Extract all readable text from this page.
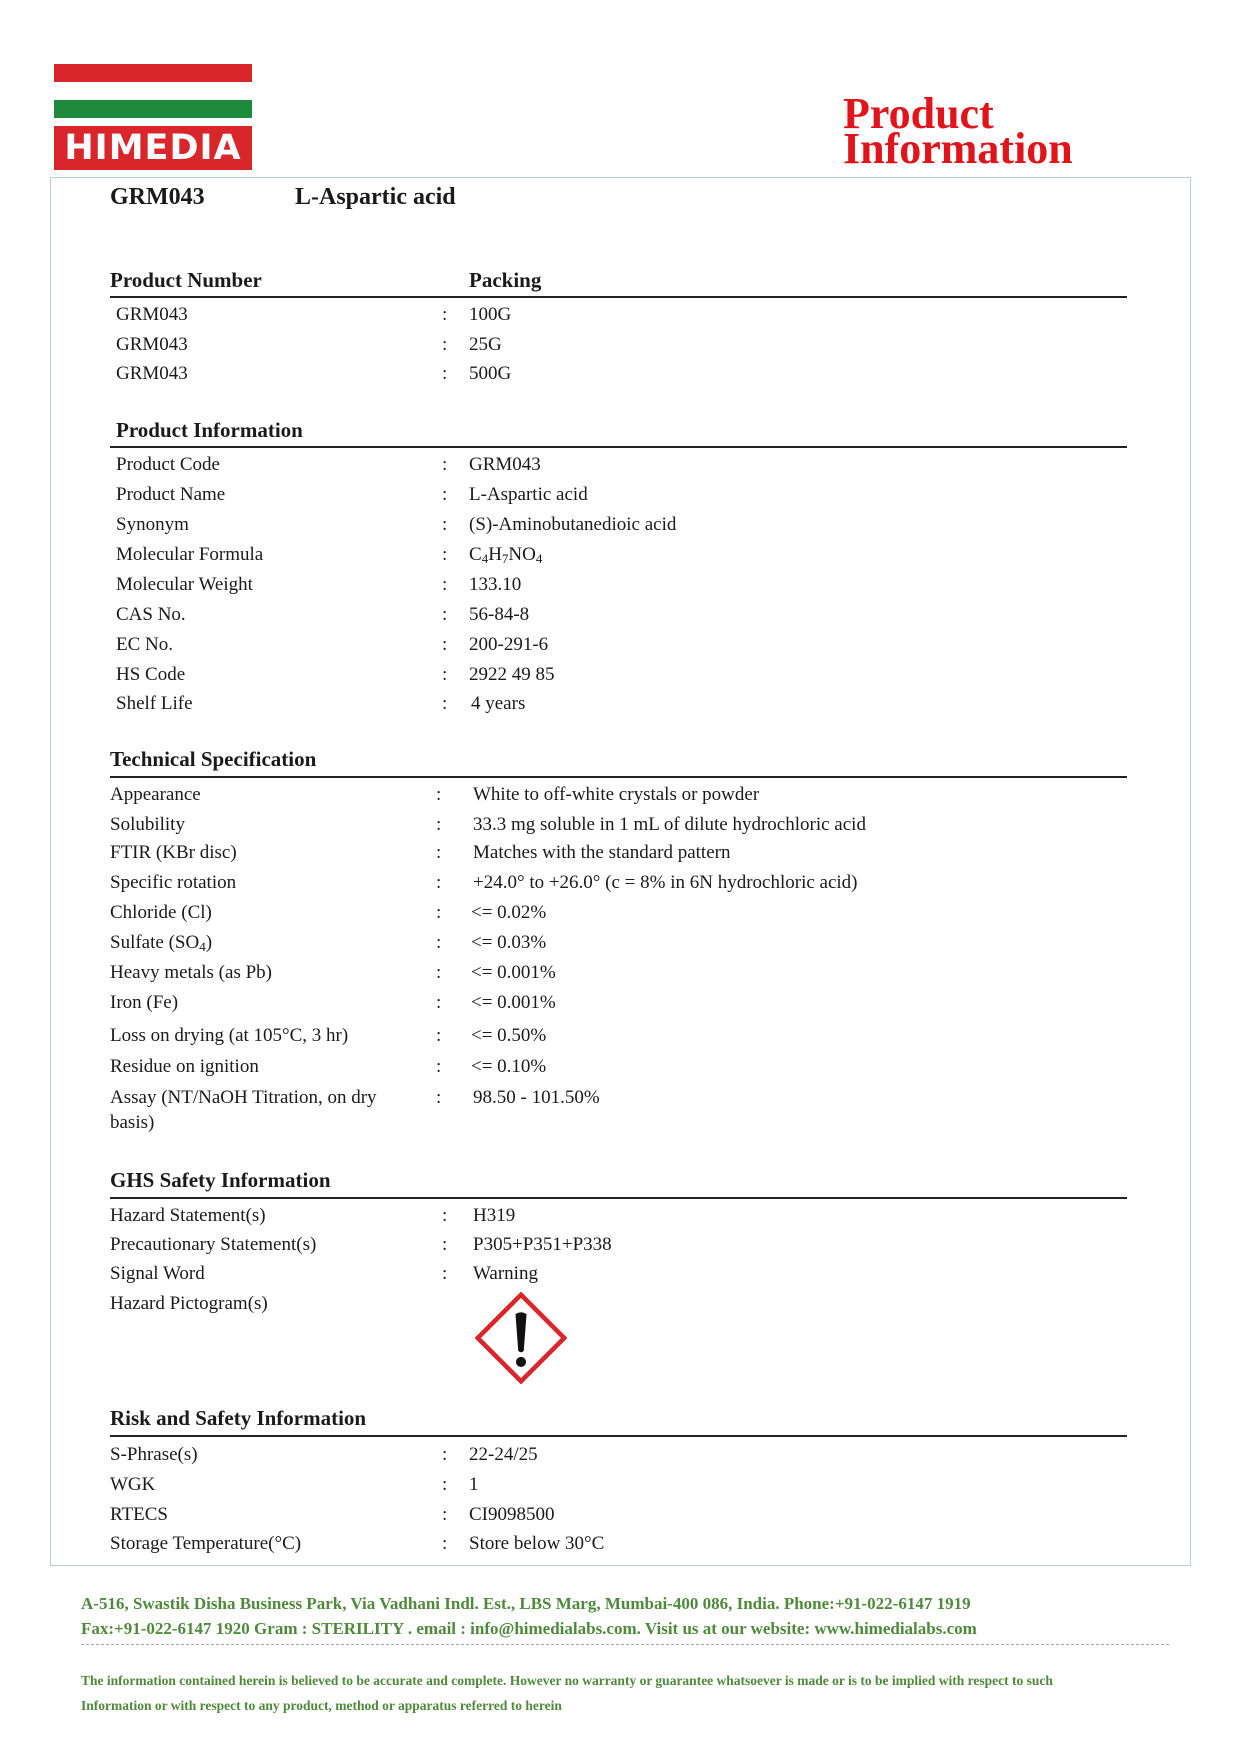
HIMEDIA
Product
Information
GRM043	L-Aspartic acid
Product Number	Packing
GRM043	: 100G
GRM043	: 25G
GRM043	: 500G
Product Information
Product Code	: GRM043
Product Name	: L-Aspartic acid
Synonym	: (S)-Aminobutanedioic acid
Molecular Formula	: $C_4H_7NO_4$
Molecular Weight	: 133.10
CAS No.	: 56-84-8
EC No.	: 200-291-6
HS Code	: 2922 49 85
Shelf Life	: 4 years
Technical Specification
Appearance	: White to off-white crystals or powder
Solubility	: 33.3 mg soluble in 1 mL of dilute hydrochloric acid
FTIR (KBr disc)	: Matches with the standard pattern
Specific rotation	: +24.0° to +26.0° (c = 8% in 6N hydrochloric acid)
Chloride (Cl)	: <= 0.02%
Sulfate $(SO_4)$	: <= 0.03%
Heavy metals (as Pb)	: <= 0.001%
Iron (Fe)	: <= 0.001%
Loss on drying (at 105°C, 3 hr)	: <= 0.50%
Residue on ignition	: <= 0.10%
Assay (NT/NaOH Titration, on dry	: 98.50 - 101.50%
basis)
GHS Safety Information
Hazard Statement(s)	: H319
Precautionary Statement(s)	: P305+P351+P338
Signal Word	: Warning
Hazard Pictogram(s)
Risk and Safety Information
S-Phrase(s)	: 22-24/25
WGK	: 1
RTECS	: CI9098500
Storage Temperature(°C)	: Store below 30°C
A-516, Swastik Disha Business Park, Via Vadhani Indl. Est., LBS Marg, Mumbai-400 086, India. Phone:+91-022-6147 1919
Fax:+91-022-6147 1920 Gram : STERILITY . email : info@himedialabs.com. Visit us at our website: www.himedialabs.com
The information contained herein is believed to be accurate and complete. However no warranty or guarantee whatsoever is made or is to be implied with respect to such
Information or with respect to any product, method or apparatus referred to herein
